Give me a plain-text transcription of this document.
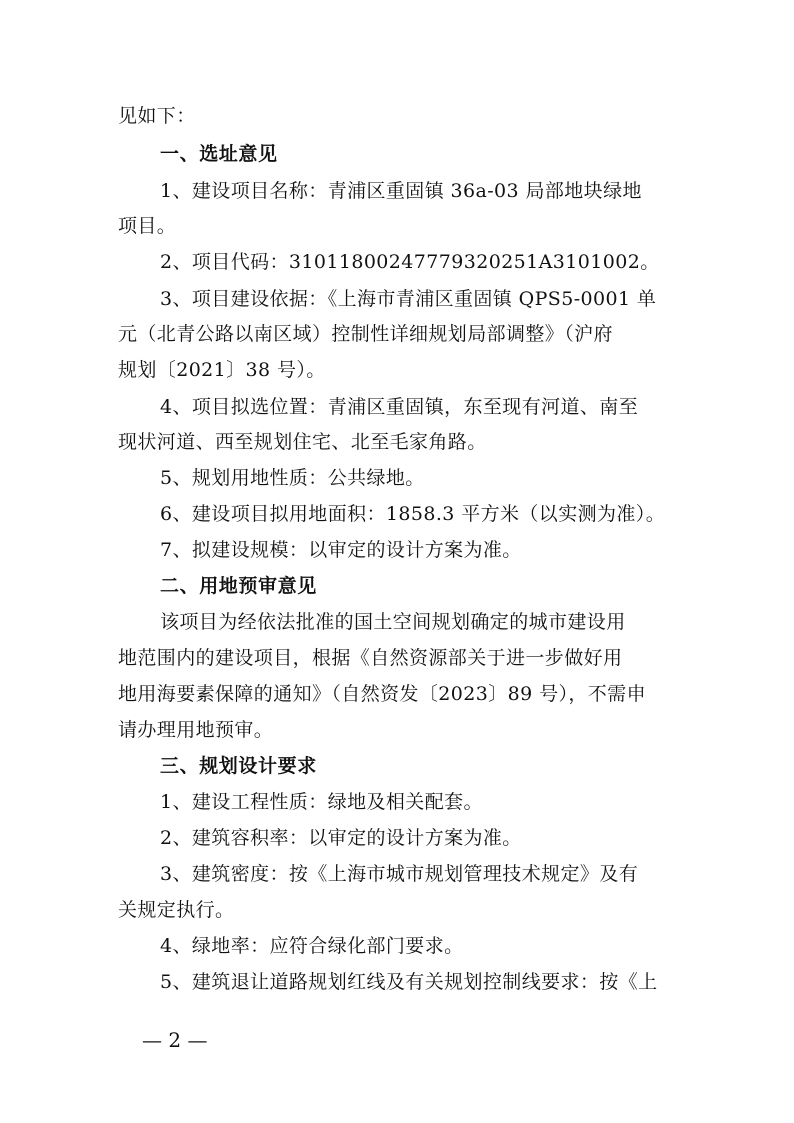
见如下：
一、选址意见
1、建设项目名称：青浦区重固镇 36a-03 局部地块绿地
项目。
2、项目代码：31011800247779320251A3101002。
3、项目建设依据：《上海市青浦区重固镇 QPS5-0001 单
元（北青公路以南区域）控制性详细规划局部调整》（沪府
规划〔2021〕38 号）。
4、项目拟选位置：青浦区重固镇，东至现有河道、南至
现状河道、西至规划住宅、北至毛家角路。
5、规划用地性质：公共绿地。
6、建设项目拟用地面积：1858.3 平方米（以实测为准）。
7、拟建设规模：以审定的设计方案为准。
二、用地预审意见
该项目为经依法批准的国土空间规划确定的城市建设用
地范围内的建设项目，根据《自然资源部关于进一步做好用
地用海要素保障的通知》（自然资发〔2023〕89 号），不需申
请办理用地预审。
三、规划设计要求
1、建设工程性质：绿地及相关配套。
2、建筑容积率：以审定的设计方案为准。
3、建筑密度：按《上海市城市规划管理技术规定》及有
关规定执行。
4、绿地率：应符合绿化部门要求。
5、建筑退让道路规划红线及有关规划控制线要求：按《上
— 2 —
